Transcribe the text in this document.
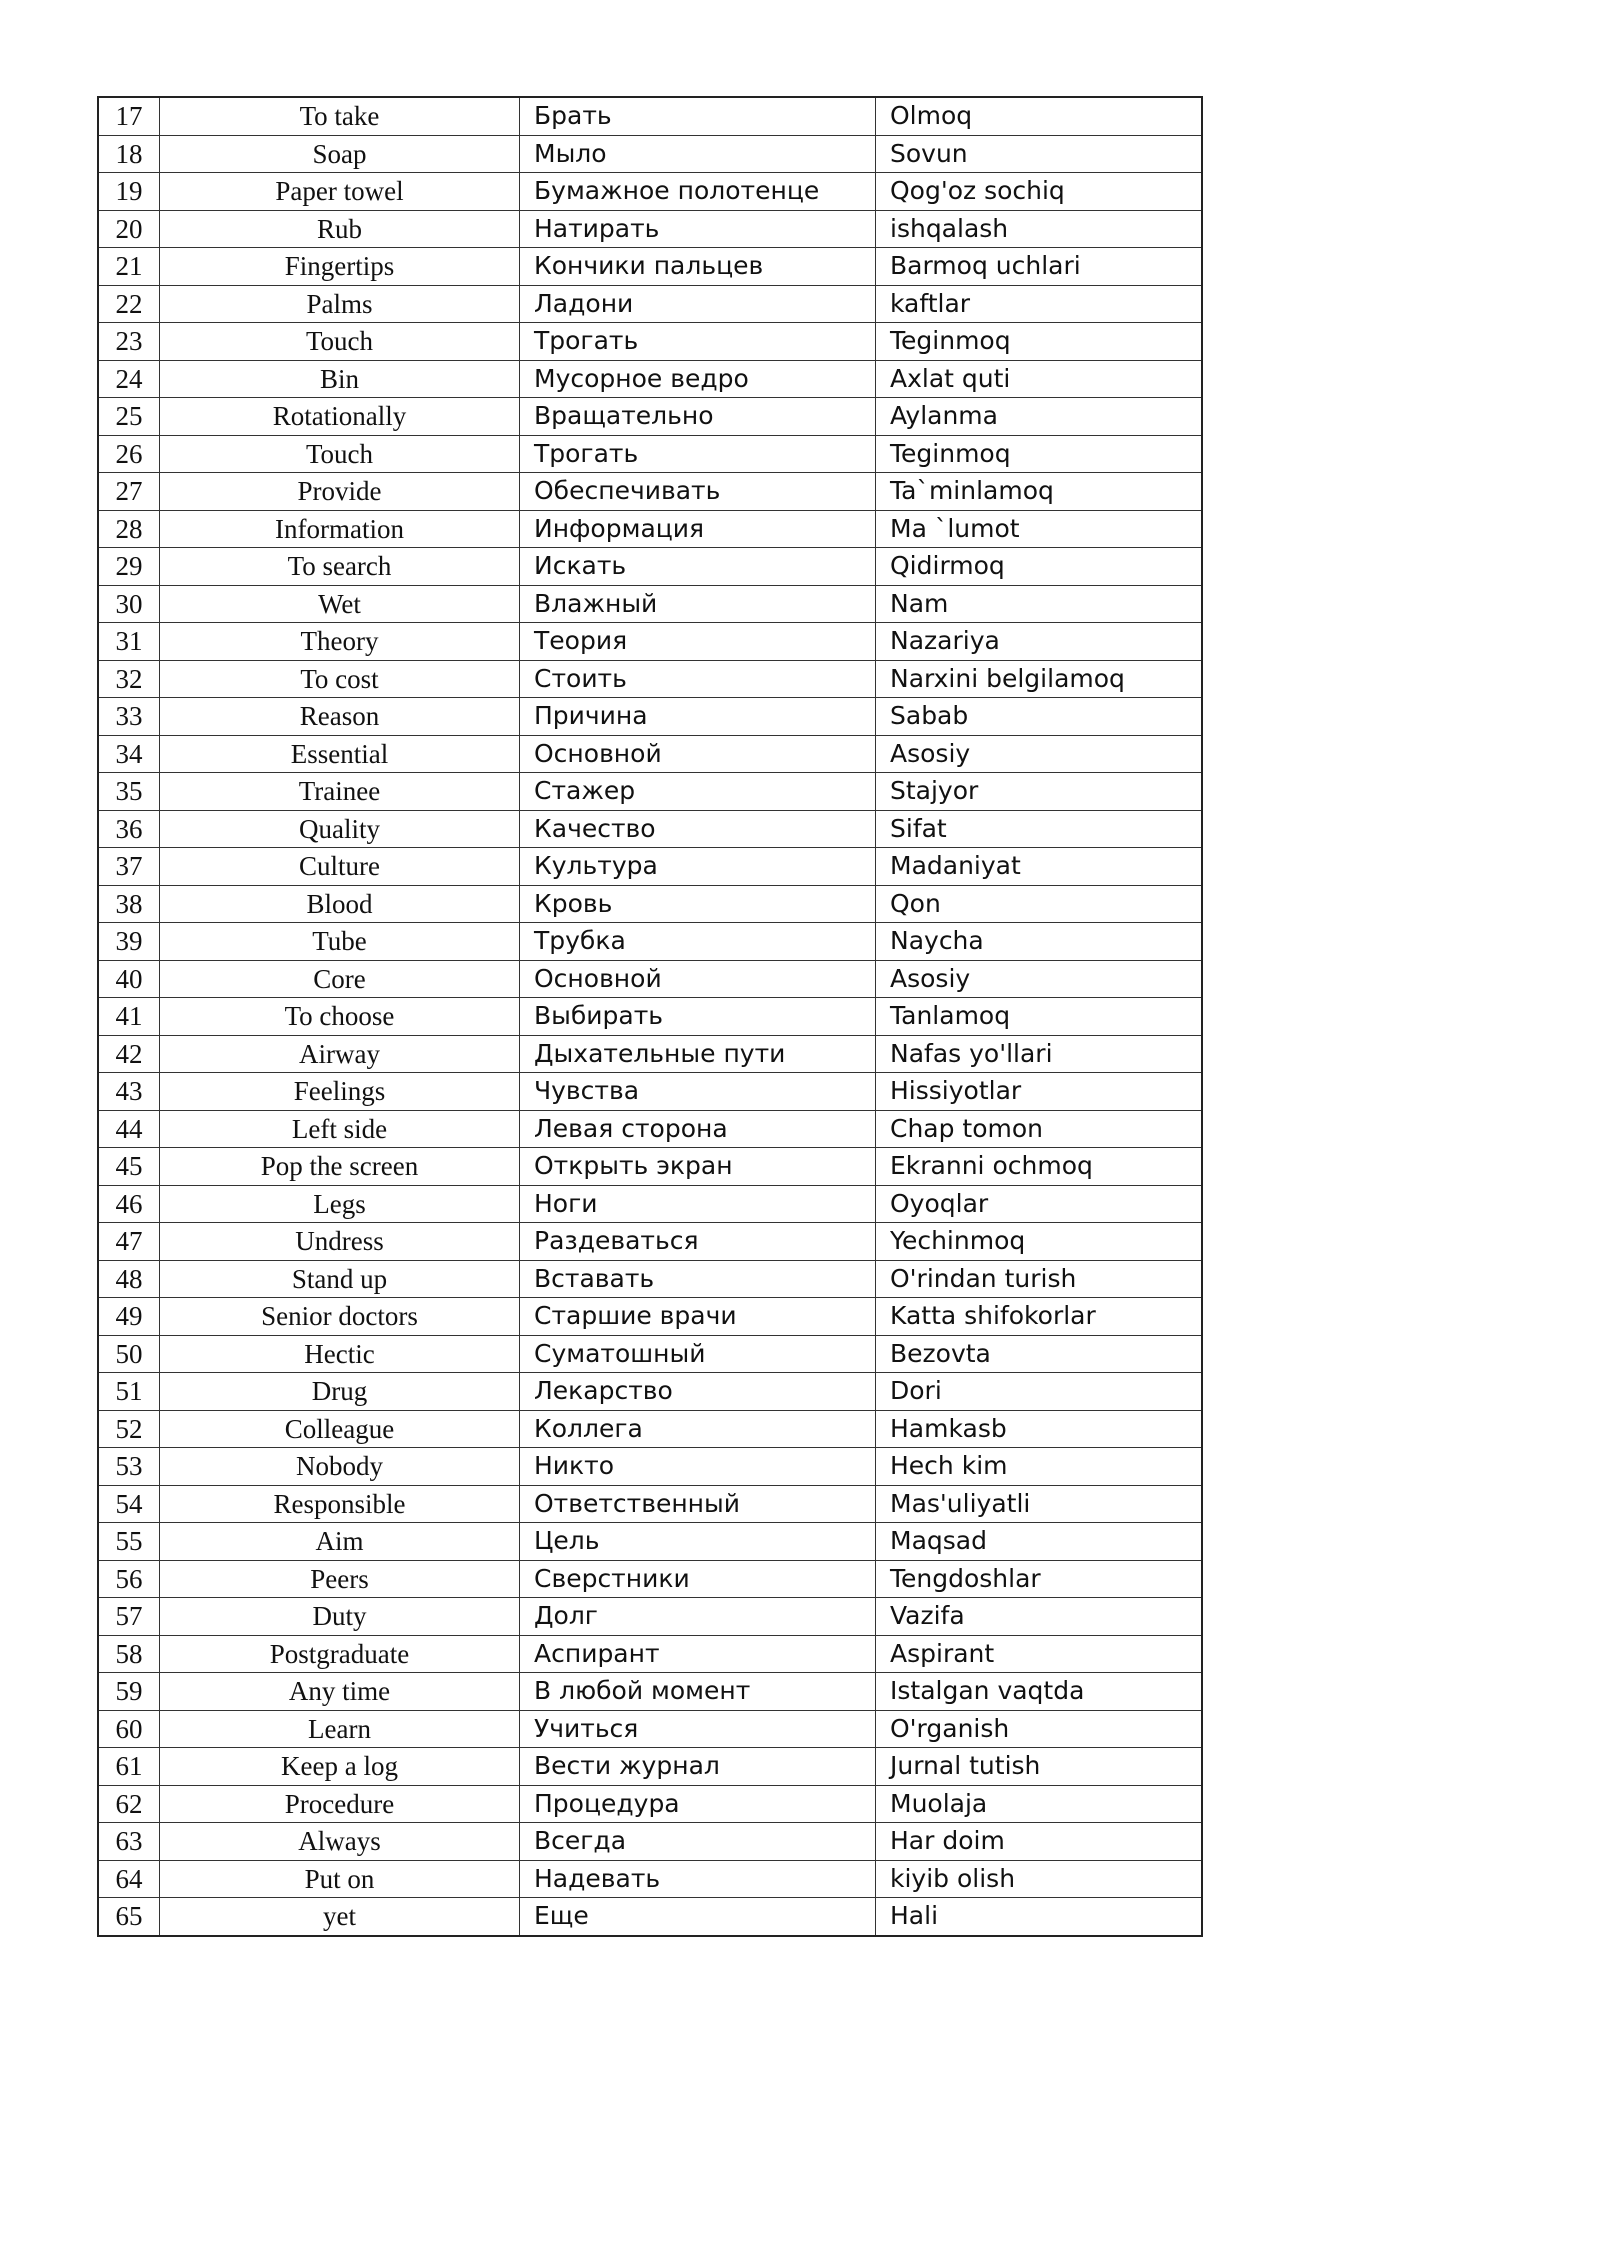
17	To take	Брать	Olmoq
18	Soap	Мыло	Sovun
19	Paper towel	Бумажное полотенце	Qog'oz sochiq
20	Rub	Натирать	ishqalash
21	Fingertips	Кончики пальцев	Barmoq uchlari
22	Palms	Ладони	kaftlar
23	Touch	Трогать	Teginmoq
24	Bin	Мусорное ведро	Axlat quti
25	Rotationally	Вращательно	Aylanma
26	Touch	Трогать	Teginmoq
27	Provide	Обеспечивать	Ta`minlamoq
28	Information	Информация	Ma `lumot
29	To search	Искать	Qidirmoq
30	Wet	Влажный	Nam
31	Theory	Теория	Nazariya
32	To cost	Стоить	Narxini belgilamoq
33	Reason	Причина	Sabab
34	Essential	Основной	Asosiy
35	Trainee	Стажер	Stajyor
36	Quality	Качество	Sifat
37	Culture	Культура	Madaniyat
38	Blood	Кровь	Qon
39	Tube	Трубка	Naycha
40	Core	Основной	Asosiy
41	To choose	Выбирать	Tanlamoq
42	Airway	Дыхательные пути	Nafas yo'llari
43	Feelings	Чувства	Hissiyotlar
44	Left side	Левая сторона	Chap tomon
45	Pop the screen	Открыть экран	Ekranni ochmoq
46	Legs	Ноги	Oyoqlar
47	Undress	Раздеваться	Yechinmoq
48	Stand up	Вставать	O'rindan turish
49	Senior doctors	Старшие врачи	Katta shifokorlar
50	Hectic	Суматошный	Bezovta
51	Drug	Лекарство	Dori
52	Colleague	Коллега	Hamkasb
53	Nobody	Никто	Hech kim
54	Responsible	Ответственный	Mas'uliyatli
55	Aim	Цель	Maqsad
56	Peers	Сверстники	Tengdoshlar
57	Duty	Долг	Vazifa
58	Postgraduate	Аспирант	Aspirant
59	Any time	В любой момент	Istalgan vaqtda
60	Learn	Учиться	O'rganish
61	Keep a log	Вести журнал	Jurnal tutish
62	Procedure	Процедура	Muolaja
63	Always	Всегда	Har doim
64	Put on	Надевать	kiyib olish
65	yet	Еще	Hali
